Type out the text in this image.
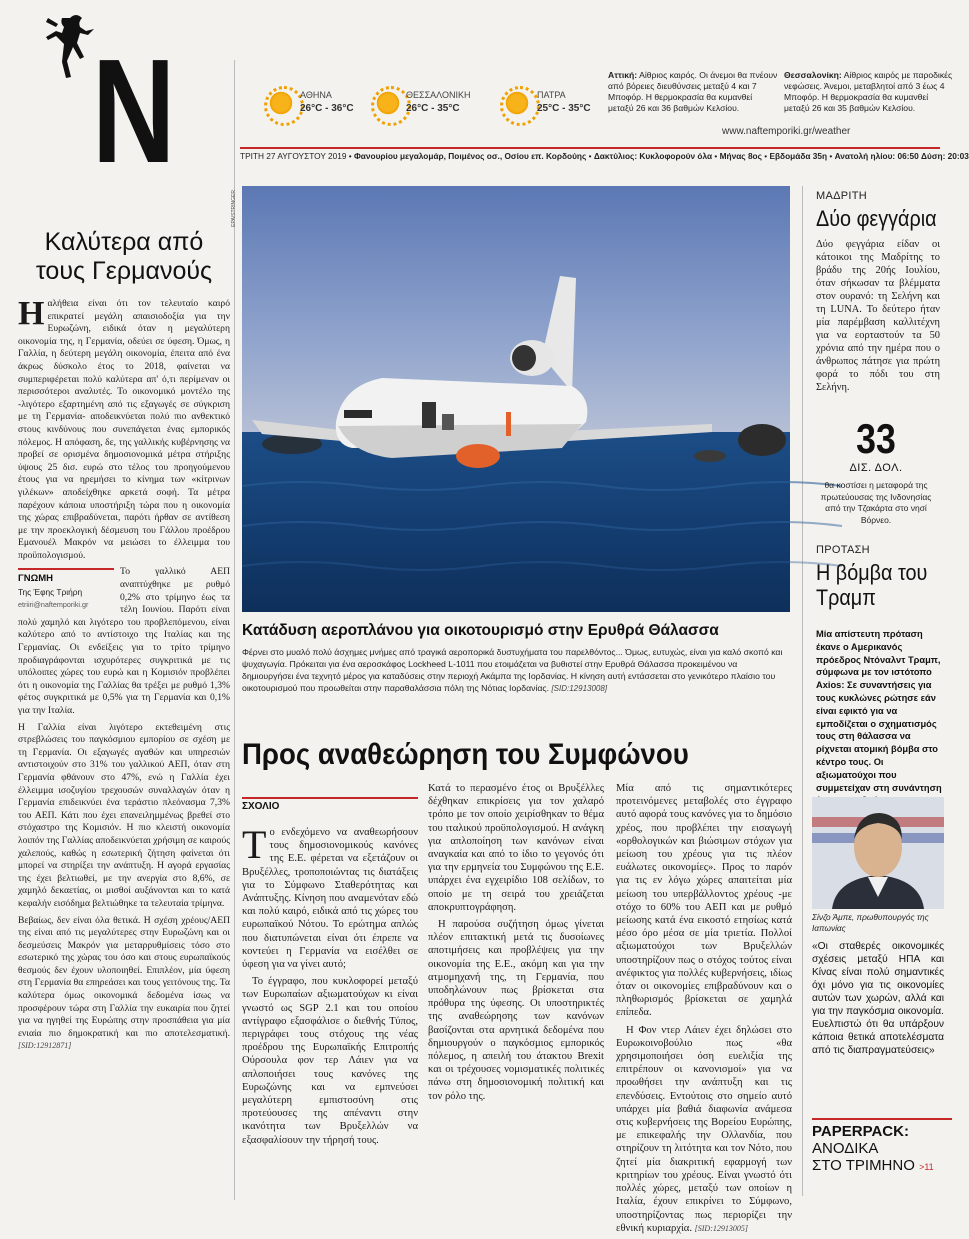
N	ΑΘΗΝΑ
26°C - 36°C
ΘΕΣΣΑΛΟΝΙΚΗ
26°C - 35°C
ΠΑΤΡΑ
25°C - 35°C
Αττική: Αίθριος καιρός. Οι άνεμοι θα πνέουν από βόρειες διευθύνσεις μεταξύ 4 και 7 Μποφόρ. Η θερμοκρασία θα κυμανθεί μεταξύ 26 και 36 βαθμών Κελσίου.
Θεσσαλονίκη: Αίθριος καιρός με παροδικές νεφώσεις. Άνεμοι, μεταβλητοί από 3 έως 4 Μποφόρ. Η θερμοκρασία θα κυμανθεί μεταξύ 26 και 35 βαθμών Κελσίου.
www.naftemporiki.gr/weather
ΤΡΙΤΗ 27 ΑΥΓΟΥΣΤΟΥ 2019 • Φανουρίου μεγαλομάρ, Ποιμένος οσ., Οσίου επ. Κορδούης • Δακτύλιος: Κυκλοφορούν όλα • Μήνας 8ος • Εβδομάδα 35η • Ανατολή ηλίου: 06:50 Δύση: 20:03
Καλύτερα από τους Γερμανούς

Ηαλήθεια είναι ότι τον τελευταίο καιρό επικρατεί μεγάλη απαισιοδοξία για την Ευρωζώνη, ειδικά όταν η μεγαλύτερη οικονομία της, η Γερμανία, οδεύει σε ύφεση. Όμως, η Γαλλία, η δεύτερη μεγάλη οικονομία, έπειτα από ένα άκρως δύσκολο έτος το 2018, φαίνεται να συμπεριφέρεται πολύ καλύτερα απ' ό,τι περίμεναν οι περισσότεροι αναλυτές. Το οικονομικό μοντέλο της -λιγότερο εξαρτημένη από τις εξαγωγές σε σύγκριση με τη Γερμανία- αποδεικνύεται πολύ πιο ανθεκτικό στους κινδύνους που συνεπάγεται ένας εμπορικός πόλεμος. Η απόφαση, δε, της γαλλικής κυβέρνησης να προβεί σε ορισμένα δημοσιονομικά μέτρα στήριξης ύψους 25 δισ. ευρώ στο τέλος του προηγούμενου έτους για να ηρεμήσει το κίνημα των «κίτρινων γιλέκων» αποδείχθηκε αρκετά σοφή. Τα μέτρα παρέχουν κάποια υποστήριξη τώρα που η οικονομία της χώρας επιβραδύνεται, παρότι ήρθαν σε αντίθεση με την προεκλογική δέσμευση του Γάλλου προέδρου Εμανουέλ Μακρόν να μειώσει το έλλειμμα του προϋπολογισμού.

ΓΝΩΜΗ
Της Έφης Τριήρη
etriiri@naftemporiki.gr

Το γαλλικό ΑΕΠ αναπτύχθηκε με ρυθμό 0,2% στο τρίμηνο έως τα τέλη Ιουνίου. Παρότι είναι πολύ χαμηλό και λιγότερο του προβλεπόμενου, είναι καλύτερο από το αντίστοιχο της Ιταλίας και της Γερμανίας. Οι ενδείξεις για το τρίτο τρίμηνο προδιαγράφονται ισχυρότερες συγκριτικά με τις υπόλοιπες χώρες του ευρώ και η Κομισιόν προβλέπει ότι η οικονομία της Γαλλίας θα τρέξει με ρυθμό 1,3% φέτος συγκριτικά με 0,5% για τη Γερμανία και 0,1% για την Ιταλία.

Η Γαλλία είναι λιγότερο εκτεθειμένη στις στρεβλώσεις του παγκόσμιου εμπορίου σε σχέση με τη Γερμανία. Οι εξαγωγές αγαθών και υπηρεσιών αντιστοιχούν στο 31% του γαλλικού ΑΕΠ, όταν στη Γερμανία φθάνουν στο 47%, ενώ η Γαλλία έχει έλλειμμα ισοζυγίου τρεχουσών συναλλαγών όταν η Γερμανία επιδεικνύει ένα τεράστιο πλεόνασμα 7,3% του ΑΕΠ. Κάτι που έχει επανειλημμένως βρεθεί στο στόχαστρο της Κομισιόν. Η πιο κλειστή οικονομία λοιπόν της Γαλλίας αποδεικνύεται χρήσιμη σε καιρούς χαλεπούς, καθώς η εσωτερική ζήτηση φαίνεται ότι μπορεί να στηρίξει την ανάπτυξη. Η αγορά εργασίας της έχει βελτιωθεί, με την ανεργία στο 8,6%, σε χαμηλό δεκαετίας, οι μισθοί αυξάνονται και το κατά κεφαλήν εισόδημα βελτιώθηκε τα τελευταία τρίμηνα.

Βεβαίως, δεν είναι όλα θετικά. Η σχέση χρέους/ΑΕΠ της είναι από τις μεγαλύτερες στην Ευρωζώνη και οι δεσμεύσεις Μακρόν για μεταρρυθμίσεις τόσο στο εσωτερικό της χώρας του όσο και στους ευρωπαϊκούς θεσμούς δεν έχουν υλοποιηθεί. Επιπλέον, μία ύφεση στη Γερμανία θα επηρεάσει και τους γειτόνους της. Τα καλύτερα όμως οικονομικά δεδομένα ίσως να προσφέρουν τώρα στη Γαλλία την ευκαιρία που ζητεί για να ηγηθεί της Ευρώπης στην προσπάθεια για μία ενιαία πιο δημοκρατική και πιο αποτελεσματική. [SID:12912871]

EPA/STRINGER
Κατάδυση αεροπλάνου για οικοτουρισμό στην Ερυθρά Θάλασσα
Φέρνει στο μυαλό πολύ άσχημες μνήμες από τραγικά αεροπορικά δυστυχήματα του παρελθόντος... Όμως, ευτυχώς, είναι για καλό σκοπό και ψυχαγωγία. Πρόκειται για ένα αεροσκάφος Lockheed L-1011 που ετοιμάζεται να βυθιστεί στην Ερυθρά Θάλασσα προκειμένου να δημιουργήσει ένα τεχνητό μέρος για καταδύσεις στην περιοχή Ακάμπα της Ιορδανίας. Η κίνηση αυτή εντάσσεται στο γενικότερο πλαίσιο του οικοτουρισμού που προωθείται στην παραθαλάσσια πόλη της Νότιας Ιορδανίας. [SID:12913008]
Προς αναθεώρηση του Συμφώνου
ΣΧΟΛΙΟ

Το ενδεχόμενο να αναθεωρήσουν τους δημοσιονομικούς κανόνες της Ε.Ε. φέρεται να εξετάζουν οι Βρυξέλλες, τροποποιώντας τις διατάξεις για το Σύμφωνο Σταθερότητας και Ανάπτυξης. Κίνηση που αναμενόταν εδώ και πολύ καιρό, ειδικά από τις χώρες του ευρωπαϊκού Νότου. Το ερώτημα απλώς που διατυπώνεται είναι ότι έπρεπε να κοντεύει η Γερμανία να εισέλθει σε ύφεση για να γίνει αυτό;

Το έγγραφο, που κυκλοφορεί μεταξύ των Ευρωπαίων αξιωματούχων κι είναι γνωστό ως SGP 2.1 και του οποίου αντίγραφο εξασφάλισε ο διεθνής Τύπος, περιγράφει τους στόχους της νέας προέδρου της Ευρωπαϊκής Επιτροπής Ούρσουλα φον τερ Λάιεν για να απλοποιήσει τους κανόνες της Ευρωζώνης και να εμπνεύσει μεγαλύτερη εμπιστοσύνη στις προτεύουσες της απέναντι στην ικανότητα των Βρυξελλών να εξασφαλίσουν την τήρησή τους.

Κατά το περασμένο έτος οι Βρυξέλλες δέχθηκαν επικρίσεις για τον χαλαρό τρόπο με τον οποίο χειρίσθηκαν το θέμα του ιταλικού προϋπολογισμού. Η ανάγκη για απλοποίηση των κανόνων είναι αναγκαία και από το ίδιο το γεγονός ότι για την ερμηνεία του Συμφώνου της Ε.Ε. υπάρχει ένα εγχειρίδιο 108 σελίδων, το οποίο με τη σειρά του χρειάζεται αποκρυπτογράφηση.

Η παρούσα συζήτηση όμως γίνεται πλέον επιτακτική μετά τις δυσοίωνες αποτιμήσεις και προβλέψεις για την οικονομία της Ε.Ε., ακόμη και για την ατμομηχανή της, τη Γερμανία, που υποδηλώνουν πως βρίσκεται στα πρόθυρα της ύφεσης. Οι υποστηρικτές της αναθεώρησης των κανόνων βασίζονται στα αρνητικά δεδομένα που δημιουργούν ο παγκόσμιος εμπορικός πόλεμος, η απειλή του άτακτου Brexit και οι τρέχουσες νομισματικές πολιτικές πάνω στη δημοσιονομική πολιτική και τον ρόλο της.

Μία από τις σημαντικότερες προτεινόμενες μεταβολές στο έγγραφο αυτό αφορά τους κανόνες για το δημόσιο χρέος, που προβλέπει την εισαγωγή «ορθολογικών και βιώσιμων στόχων για μείωση του χρέους για τις πλέον ευάλωτες οικονομίες». Προς το παρόν για τις εν λόγω χώρες απαιτείται μία μείωση του υπερβάλλοντος χρέους -με στόχο το 60% του ΑΕΠ και με ρυθμό μείωσης κατά ένα εικοστό ετησίως κατά μέσο όρο μέσα σε μία τριετία. Πολλοί αξιωματούχοι των Βρυξελλών υποστηρίζουν πως ο στόχος τούτος είναι ανέφικτος για πολλές κυβερνήσεις, ιδίως όταν οι οικονομίες επιβραδύνουν και ο πληθωρισμός βρίσκεται σε χαμηλά επίπεδα.

Η Φον ντερ Λάιεν έχει δηλώσει στο Ευρωκοινοβούλιο πως «θα χρησιμοποιήσει όση ευελιξία της επιτρέπουν οι κανονισμοί» για να προωθήσει την ανάπτυξη και τις επενδύσεις. Εντούτοις στο σημείο αυτό υπάρχει μία βαθιά διαφωνία ανάμεσα στις κυβερνήσεις της Βορείου Ευρώπης, με επικεφαλής την Ολλανδία, που στηρίζουν τη λιτότητα και τον Νότο, που ζητεί μία διακριτική εφαρμογή των κριτηρίων του χρέους. Είναι γνωστό ότι πολλές χώρες, μεταξύ των οποίων η Ιταλία, έχουν επικρίνει το Σύμφωνο, υποστηρίζοντας πως περιορίζει την εθνική κυριαρχία. [SID:12913005]

ΜΑΔΡΙΤΗ
Δύο φεγγάρια
Δύο φεγγάρια είδαν οι κάτοικοι της Μαδρίτης το βράδυ της 20ής Ιουλίου, όταν σήκωσαν τα βλέμματα στον ουρανό: τη Σελήνη και τη LUNA. Το δεύτερο ήταν μία παρέμβαση καλλιτέχνη για να εορταστούν τα 50 χρόνια από την ημέρα που ο άνθρωπος πάτησε για πρώτη φορά το πόδι του στη Σελήνη.
33
ΔΙΣ. ΔΟΛ.
θα κοστίσει η μεταφορά της πρωτεύουσας της Ινδονησίας από την Τζακάρτα στο νησί Βόρνεο.
ΠΡΟΤΑΣΗ
Η βόμβα του Τραμπ
Μία απίστευτη πρόταση έκανε ο Αμερικανός πρόεδρος Ντόναλντ Τραμπ, σύμφωνα με τον ιστότοπο Axios: Σε συναντήσεις για τους κυκλώνες ρώτησε εάν είναι εφικτό για να εμποδίζεται ο σχηματισμός τους στη θάλασσα να ρίχνεται ατομική βόμβα στο κέντρο τους. Οι αξιωματούχοι που συμμετείχαν στη συνάντηση
Σίνζο Άμπε, πρωθυπουργός της Ιαπωνίας
«Οι σταθερές οικονομικές σχέσεις μεταξύ ΗΠΑ και Κίνας είναι πολύ σημαντικές όχι μόνο για τις οικονομίες αυτών των χωρών, αλλά και για την παγκόσμια οικονομία. Ευελπιστώ ότι θα υπάρξουν κάποια θετικά αποτελέσματα από τις διαπραγματεύσεις»
PAPERPACK:
ΑΝΟΔΙΚΑ
ΣΤΟ ΤΡΙΜΗΝΟ >11
